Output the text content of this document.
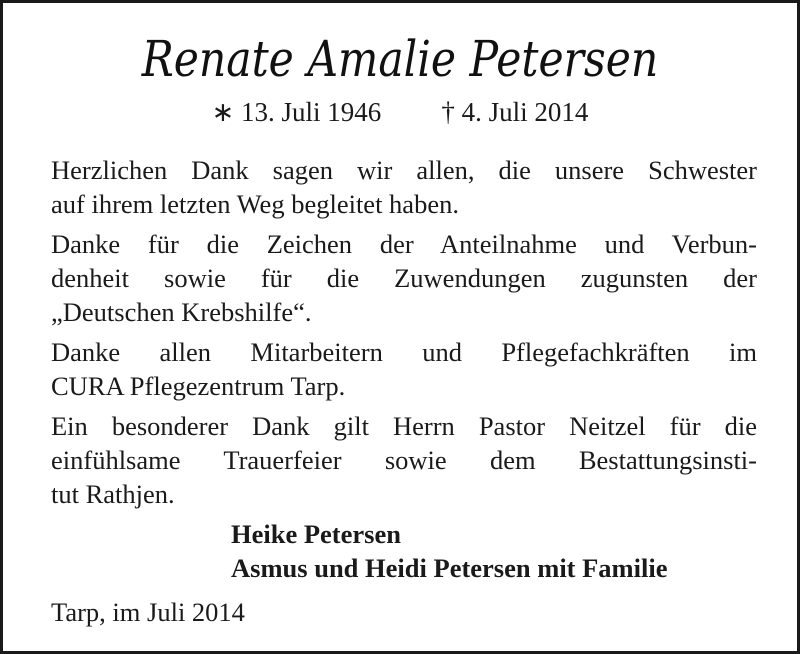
Renate Amalie Petersen
∗ 13. Juli 1946 † 4. Juli 2014
Herzlichen Dank sagen wir allen, die unsere Schwester
auf ihrem letzten Weg begleitet haben.
Danke für die Zeichen der Anteilnahme und Verbun-
denheit sowie für die Zuwendungen zugunsten der
„Deutschen Krebshilfe“.
Danke allen Mitarbeitern und Pflegefachkräften im
CURA Pflegezentrum Tarp.
Ein besonderer Dank gilt Herrn Pastor Neitzel für die
einfühlsame Trauerfeier sowie dem Bestattungsinsti-
tut Rathjen.
Heike Petersen
Asmus und Heidi Petersen mit Familie
Tarp, im Juli 2014
